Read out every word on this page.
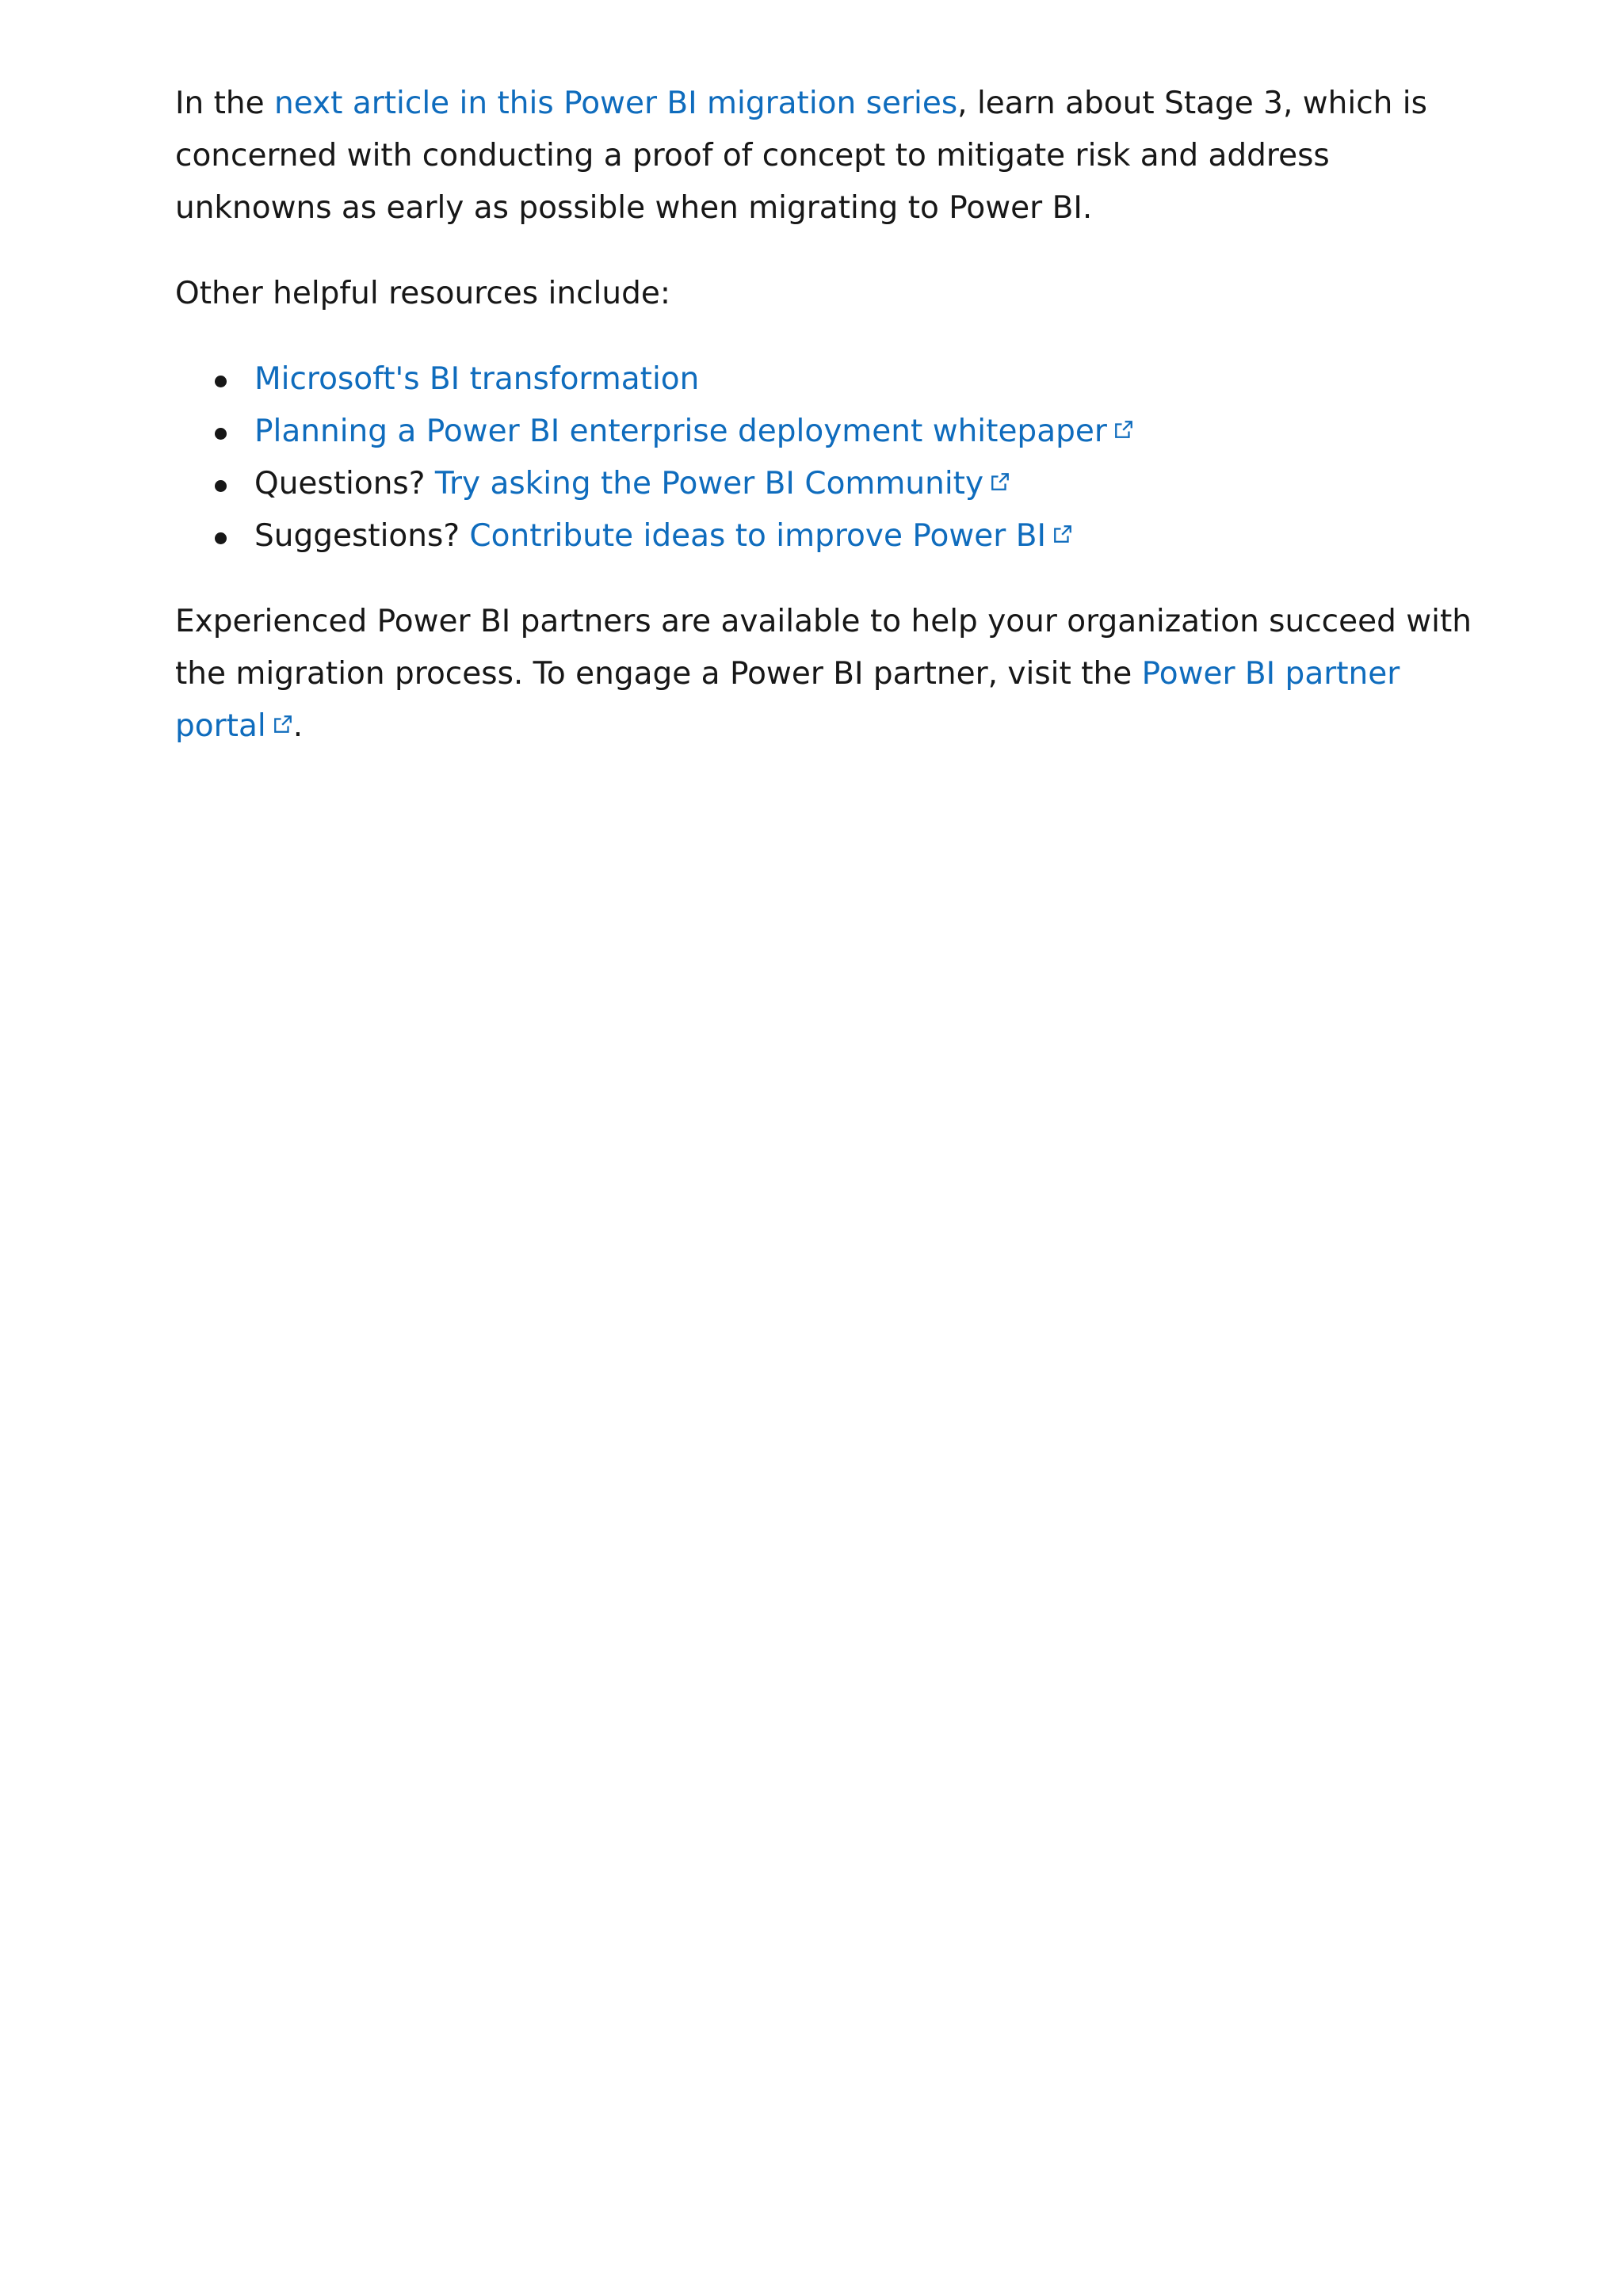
In the next article in this Power BI migration series, learn about Stage 3, which is concerned with conducting a proof of concept to mitigate risk and address unknowns as early as possible when migrating to Power BI.

Other helpful resources include:

Microsoft's BI transformation
Planning a Power BI enterprise deployment whitepaper
Questions? Try asking the Power BI Community
Suggestions? Contribute ideas to improve Power BI

Experienced Power BI partners are available to help your organization succeed with the migration process. To engage a Power BI partner, visit the Power BI partner portal .
